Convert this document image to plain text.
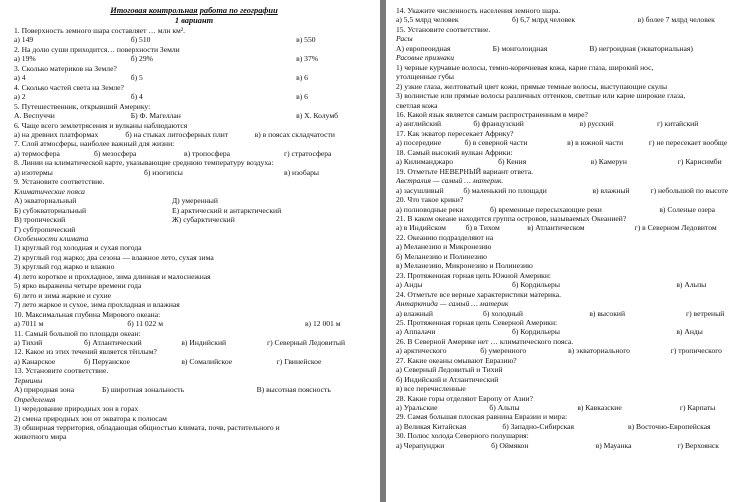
Итоговая контрольная работа по географии
1 вариант
1. Поверхность земного шара составляет … млн км².
а) 149	б) 510	в) 550
2. На долю суши приходится… поверхности Земли
а) 19%	б) 29%	в) 37%
3. Сколько материков на Земле?
а) 4	б) 5	в) 6
4. Сколько частей света на Земле?
а) 2	б) 4	в) 6
5. Путешественник, открывший Америку:
А. Веспуччи	Б) Ф. Магеллан	в) Х. Колумб
6. Чаще всего землетрясения и вулканы наблюдаются
а) на древних платформах	б) на стыках литосферных плит	в) в поясах складчатости
7. Слой атмосферы, наиболее важный для жизни:
а) термосфера	б) мезосфера	в) тропосфера	г) стратосфера
8. Линии на климатической карте, указывающие среднюю температуру воздуха:
а) изотермы	б) изогипсы	в) изобары
9. Установите соответствие.
Климатические пояса
А) экваториальный	Д) умеренный
Б) субэкваториальный	Е) арктический и антарктический
В) тропический	Ж) субарктический
Г) субтропический
Особенности климата
1) круглый год холодная и сухая погода
2) круглый год жарко; два сезона — влажное лето, сухая зима
3) круглый год жарко и влажно
4) лето короткое и прохладное, зима длинная и малоснежная
5) ярко выражены четыре времени года
6) лето и зима жаркие и сухие
7) лето жаркое и сухое, зима прохладная и влажная
10. Максимальная глубина Мирового океана:
а) 7011 м	б) 11 022 м	в) 12 001 м
11. Самый большой по площади океан:
а) Тихий	б) Атлантический	в) Индийский	г) Северный Ледовитый
12. Какое из этих течений является тёплым?
а) Канарское	б) Перуанское	в) Сомалийское	г) Гвинейское
13. Установите соответствие.
Термины
А) природная зона	Б) широтная зональность	В) высотная поясность
Определения
1) чередование природных зон в горах
2) смена природных зон от экватора к полюсам
3) обширная территория, обладающая общностью климата, почв, растительного и
животного мира
14. Укажите численность населения земного шара.
а) 5,5 млрд человек	б) 6,7 млрд человек	в) более 7 млрд человек
15. Установите соответствие.
Расы
А) европеоидная	Б) монголоидная	В) негроидная (экваториальная)
Расовые признаки
1) черные курчавые волосы, темно-коричневая кожа, карие глаза, широкий нос,
утолщенные губы
2) узкие глаза, желтоватый цвет кожи, прямые темные волосы, выступающие скулы
3) волнистые или прямые волосы различных оттенков, светлые или карие широкие глаза,
светлая кожа
16. Какой язык является самым распространенным в мире?
а) английский	б) французский	в) русский	г) китайский
17. Как экватор пересекает Африку?
а) посередине	б) в северной части	в) в южной части	г) не пересекает вообще
18. Самый высокий вулкан Африки:
а) Килиманджаро	б) Кения	в) Камерун	г) Карисимби
19. Отметьте НЕВЕРНЫЙ вариант ответа.
Австралия — самый … материк.
а) засушливый	б) маленький по площади	в) влажный	г) небольшой по высоте
20. Что такое крики?
а) полноводные реки	б) временные пересыхающие реки	в) Соленые озера
21. В каком океане находится группа островов, называемых Океанией?
а) в Индийском	б) в Тихом	в) Атлантическом	г) в Северном Ледовитом
22. Океанию подразделяют на
а) Меланезию и Микронезию
б) Меланезию и Полинезию
в) Меланезию, Микронезию и Полинезию
23. Протяженная горная цепь Южной Америки:
а) Анды	б) Кордильеры	в) Альпы
24. Отметьте все верные характеристики материка.
Антарктида — самый … материк
а) влажный	б) холодный	в) высокий	г) ветреный
25. Протяженная горная цепь Северной Америки:
а) Аппалачи	б) Кордильеры	в) Анды
26. В Северной Америке нет … климатического пояса.
а) арктического	б) умеренного	в) экваториального	г) тропического
27. Какие океаны омывают Евразию?
а) Северный Ледовитый и Тихий
б) Индийский и Атлантический
в) все перечисленные
28. Какие горы отделяют Европу от Азии?
а) Уральские	б) Альпы	в) Кавказские	г) Карпаты
29. Самая большая плоская равнина Евразии и мира:
а) Великая Китайская	б) Западно-Сибирская	в) Восточно-Европейская
30. Полюс холода Северного полушария:
а) Черапунджи	б) Оймякон	в) Мауанка	г) Верхоянск
